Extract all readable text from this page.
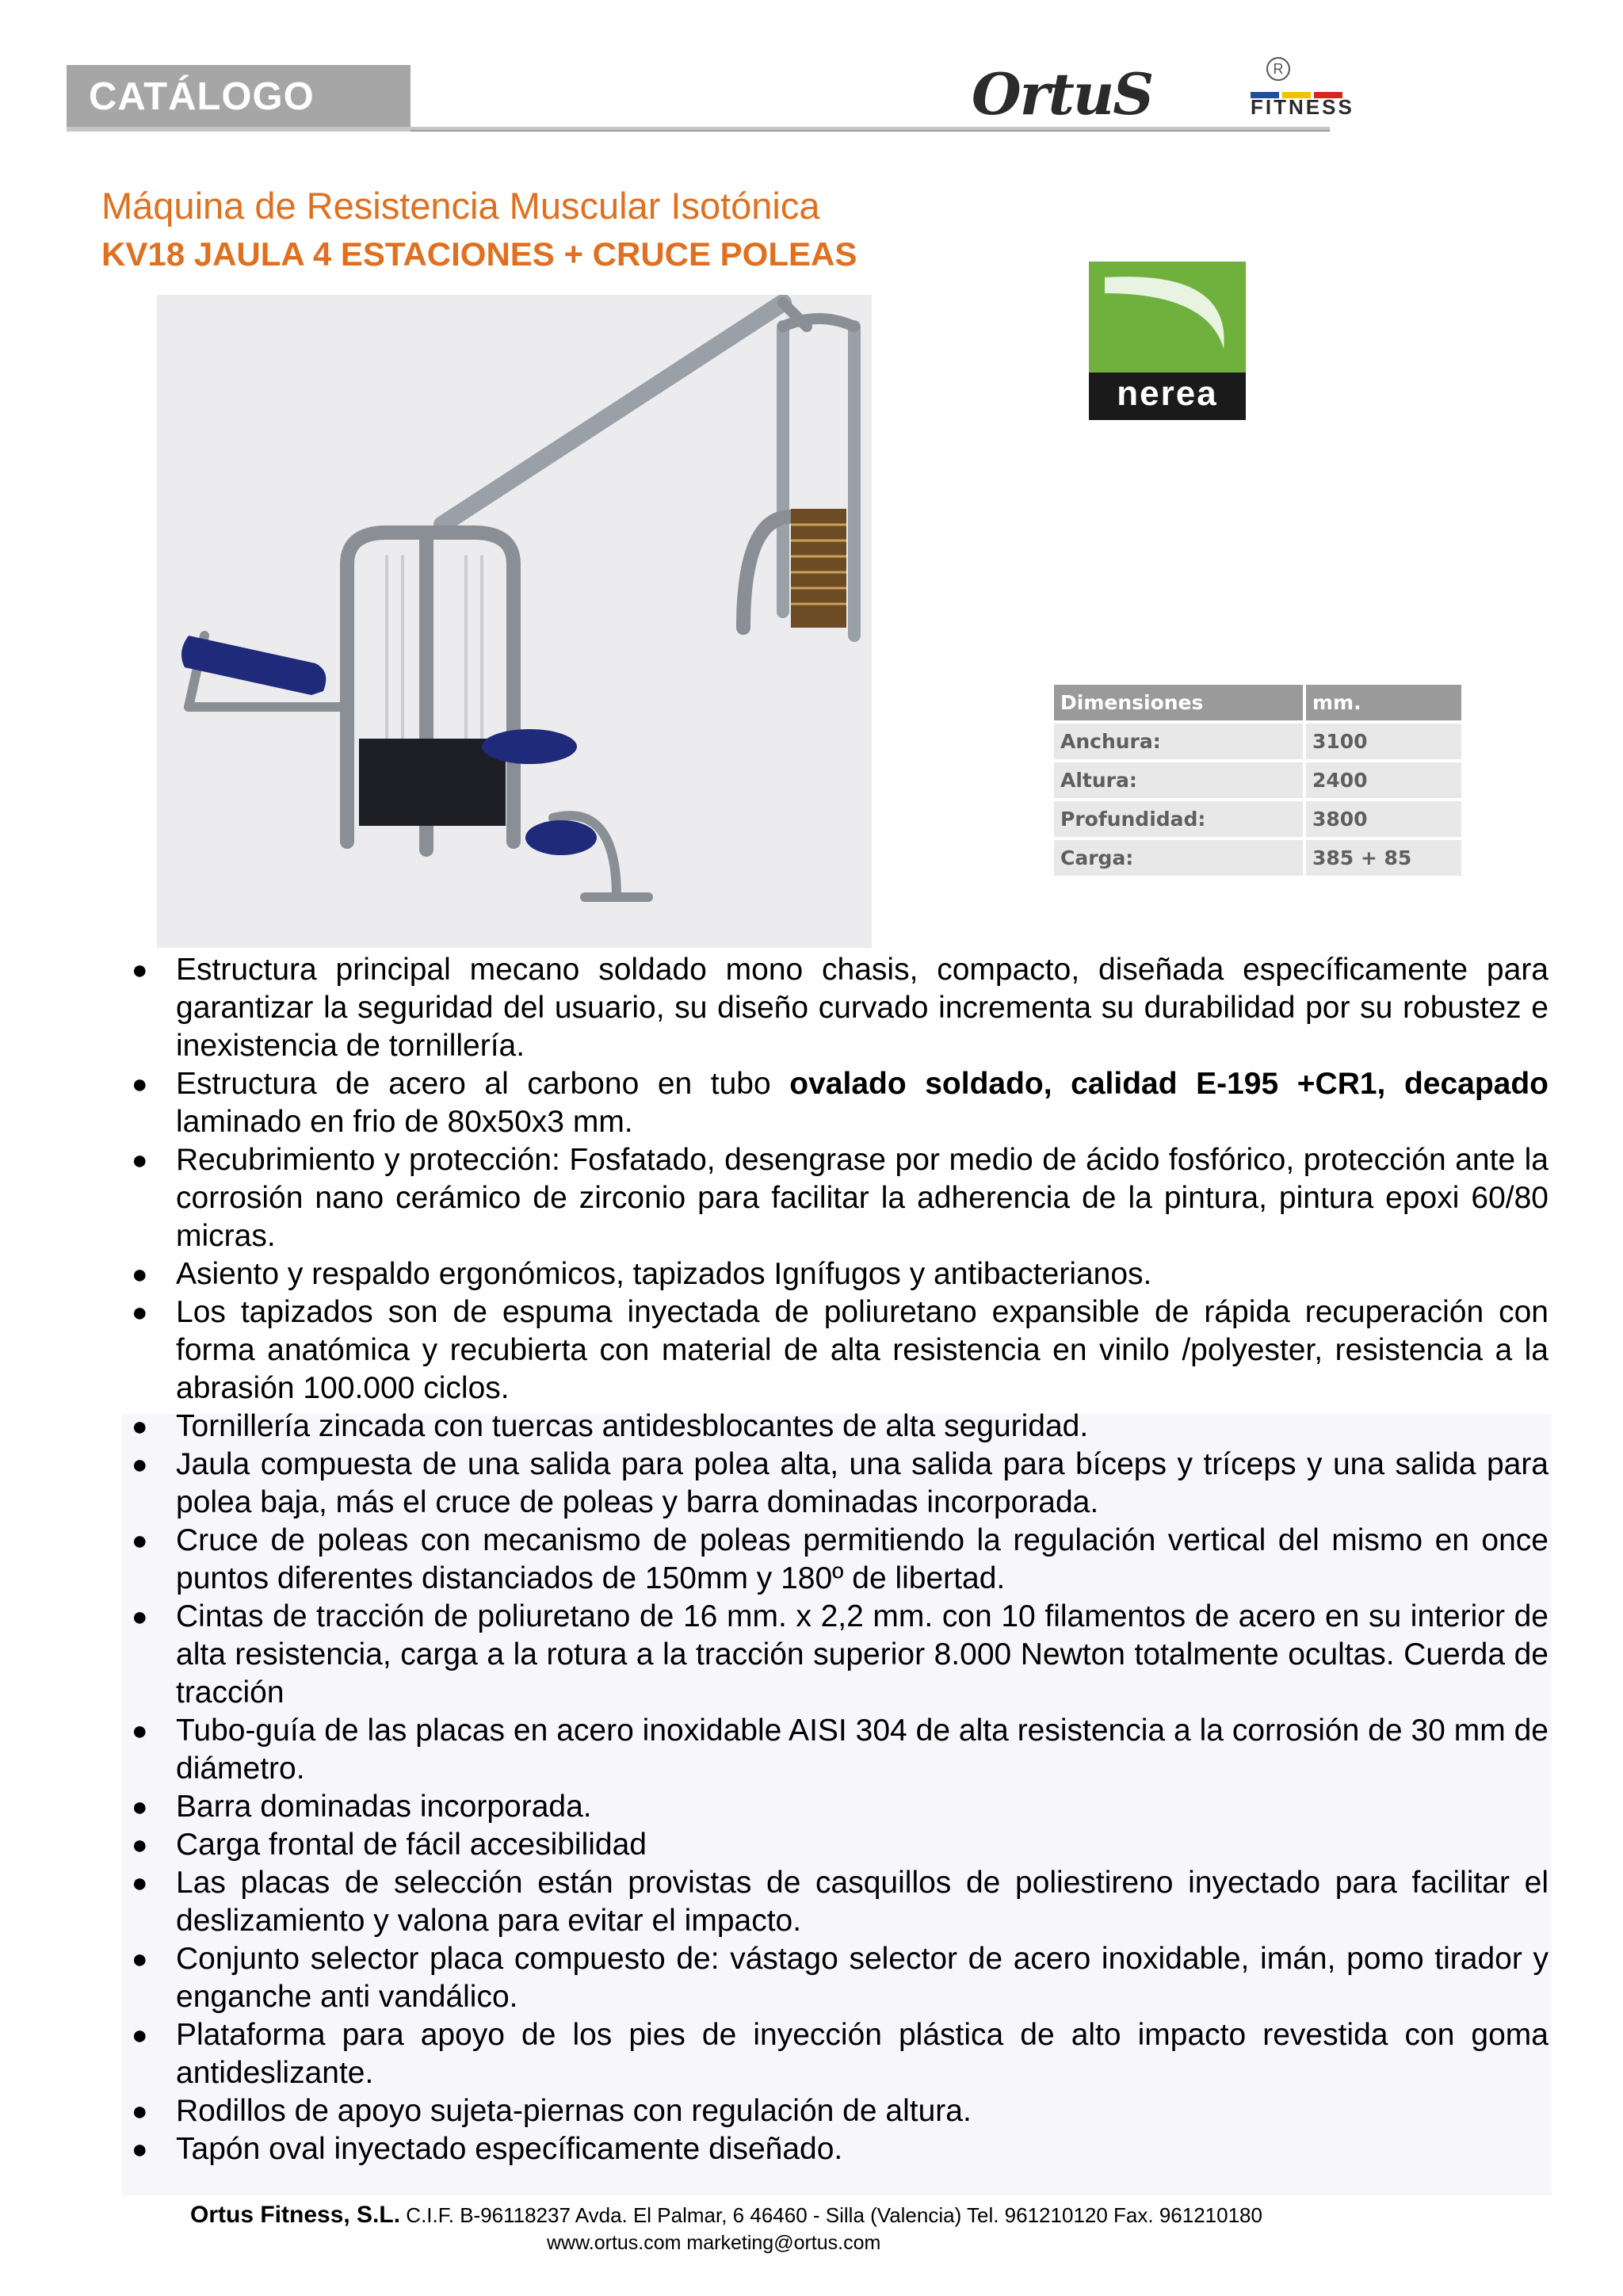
CATÁLOGO	OrtuS	R
FITNESS
Máquina de Resistencia Muscular Isotónica
KV18 JAULA 4 ESTACIONES + CRUCE POLEAS
nerea
Dimensiones	mm.
Anchura:	3100
Altura:	2400
Profundidad:	3800
Carga:	385 + 85
● Estructura principal mecano soldado mono chasis, compacto, diseñada específicamente para garantizar la seguridad del usuario, su diseño curvado incrementa su durabilidad por su robustez e inexistencia de tornillería.
● Estructura de acero al carbono en tubo ovalado soldado, calidad E-195 +CR1, decapado laminado en frio de 80x50x3 mm.
● Recubrimiento y protección: Fosfatado, desengrase por medio de ácido fosfórico, protección ante la corrosión nano cerámico de zirconio para facilitar la adherencia de la pintura, pintura epoxi 60/80 micras.
● Asiento y respaldo ergonómicos, tapizados Ignífugos y antibacterianos.
● Los tapizados son de espuma inyectada de poliuretano expansible de rápida recuperación con forma anatómica y recubierta con material de alta resistencia en vinilo /polyester, resistencia a la abrasión 100.000 ciclos.
● Tornillería zincada con tuercas antidesblocantes de alta seguridad.
● Jaula compuesta de una salida para polea alta, una salida para bíceps y tríceps y una salida para polea baja, más el cruce de poleas y barra dominadas incorporada.
● Cruce de poleas con mecanismo de poleas permitiendo la regulación vertical del mismo en once puntos diferentes distanciados de 150mm y 180º de libertad.
● Cintas de tracción de poliuretano de 16 mm. x 2,2 mm. con 10 filamentos de acero en su interior de alta resistencia, carga a la rotura a la tracción superior 8.000 Newton totalmente ocultas. Cuerda de tracción
● Tubo-guía de las placas en acero inoxidable AISI 304 de alta resistencia a la corrosión de 30 mm de diámetro.
● Barra dominadas incorporada.
● Carga frontal de fácil accesibilidad
● Las placas de selección están provistas de casquillos de poliestireno inyectado para facilitar el deslizamiento y valona para evitar el impacto.
● Conjunto selector placa compuesto de: vástago selector de acero inoxidable, imán, pomo tirador y enganche anti vandálico.
● Plataforma para apoyo de los pies de inyección plástica de alto impacto revestida con goma antideslizante.
● Rodillos de apoyo sujeta-piernas con regulación de altura.
● Tapón oval inyectado específicamente diseñado.
Ortus Fitness, S.L. C.I.F. B-96118237 Avda. El Palmar, 6 46460 - Silla (Valencia) Tel. 961210120 Fax. 961210180
www.ortus.com marketing@ortus.com
